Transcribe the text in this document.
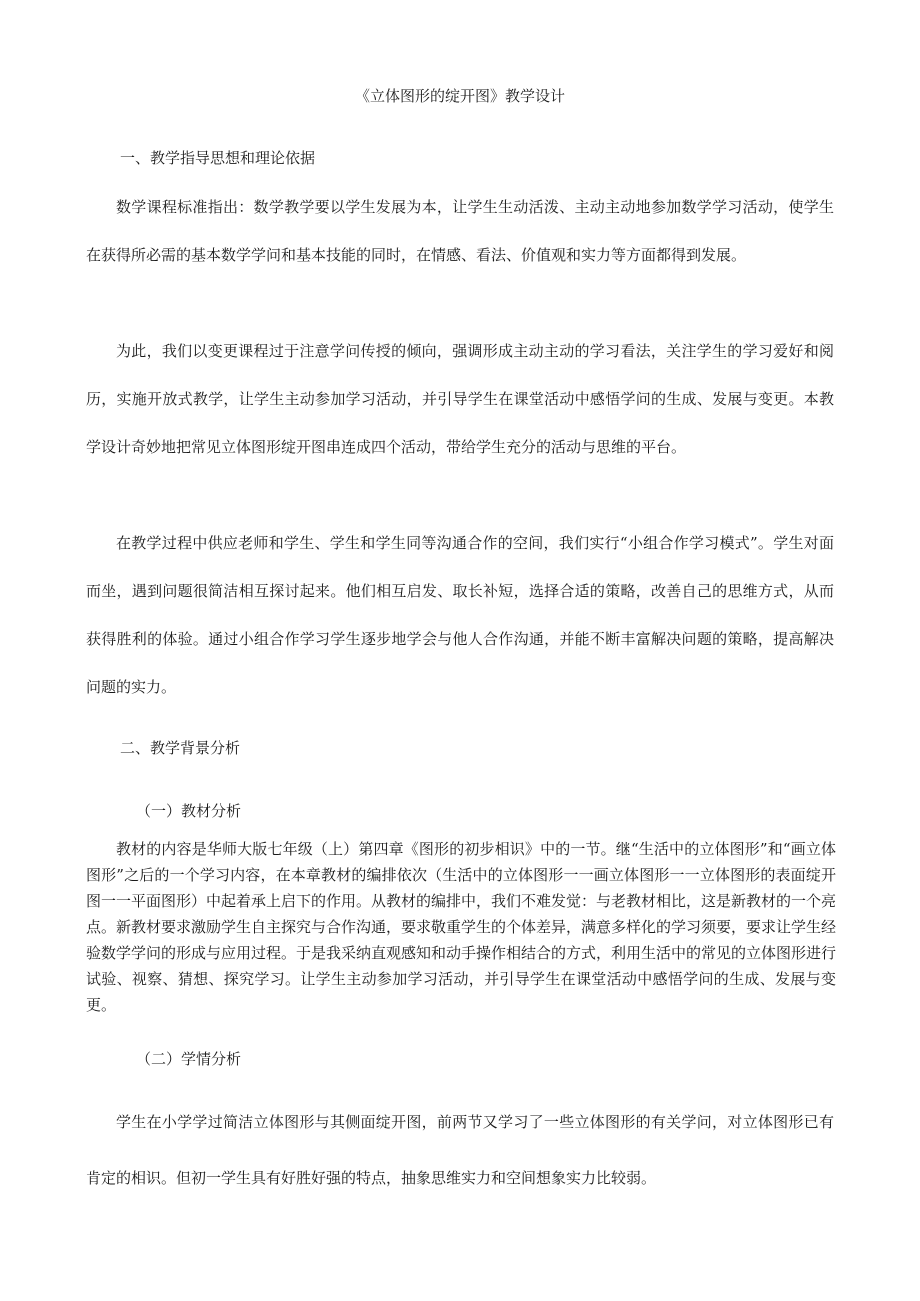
《立体图形的绽开图》教学设计
一、教学指导思想和理论依据

数学课程标准指出：数学教学要以学生发展为本，让学生生动活泼、主动主动地参加数学学习活动，使学生在获得所必需的基本数学学问和基本技能的同时，在情感、看法、价值观和实力等方面都得到发展。

为此，我们以变更课程过于注意学问传授的倾向，强调形成主动主动的学习看法，关注学生的学习爱好和阅历，实施开放式教学，让学生主动参加学习活动，并引导学生在课堂活动中感悟学问的生成、发展与变更。本教学设计奇妙地把常见立体图形绽开图串连成四个活动，带给学生充分的活动与思维的平台。

在教学过程中供应老师和学生、学生和学生同等沟通合作的空间，我们实行“小组合作学习模式”。学生对面而坐，遇到问题很简洁相互探讨起来。他们相互启发、取长补短，选择合适的策略，改善自己的思维方式，从而获得胜利的体验。通过小组合作学习学生逐步地学会与他人合作沟通，并能不断丰富解决问题的策略，提高解决问题的实力。

二、教学背景分析
（一）教材分析

教材的内容是华师大版七年级（上）第四章《图形的初步相识》中的一节。继“生活中的立体图形”和“画立体图形”之后的一个学习内容，在本章教材的编排依次（生活中的立体图形一一画立体图形一一立体图形的表面绽开图一一平面图形）中起着承上启下的作用。从教材的编排中，我们不难发觉：与老教材相比，这是新教材的一个亮点。新教材要求激励学生自主探究与合作沟通，要求敬重学生的个体差异，满意多样化的学习须要，要求让学生经验数学学问的形成与应用过程。于是我采纳直观感知和动手操作相结合的方式，利用生活中的常见的立体图形进行试验、视察、猜想、探究学习。让学生主动参加学习活动，并引导学生在课堂活动中感悟学问的生成、发展与变更。

（二）学情分析

学生在小学学过简洁立体图形与其侧面绽开图，前两节又学习了一些立体图形的有关学问，对立体图形已有肯定的相识。但初一学生具有好胜好强的特点，抽象思维实力和空间想象实力比较弱。
